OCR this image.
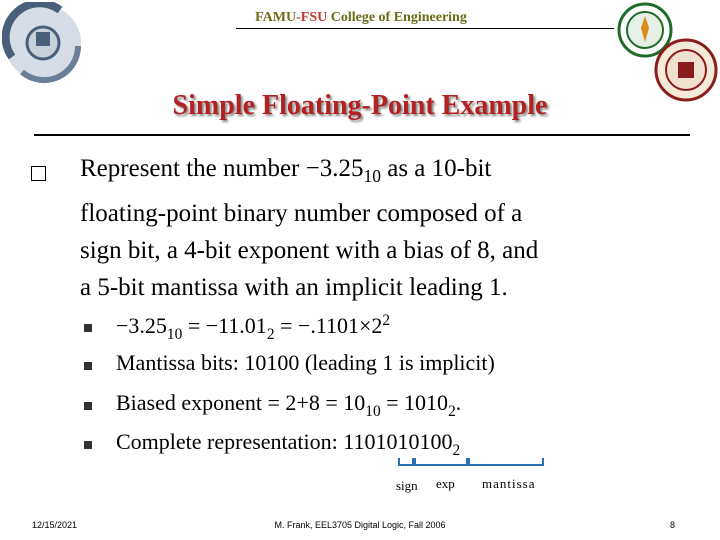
FAMU-FSU College of Engineering
Simple Floating-Point Example
Represent the number $-3.25_{10}$ as a 10-bit
floating-point binary number composed of a
sign bit, a 4-bit exponent with a bias of 8, and
a 5-bit mantissa with an implicit leading 1.
$-3.25_{10} = -11.01_2 = -.1101\times 2^2$
Mantissa bits: 10100 (leading 1 is implicit)
Biased exponent = $2+8 = 10_{10} = 1010_2$.
Complete representation: $1101010100_2$
sign exp mantissa
12/15/2021	M. Frank, EEL3705 Digital Logic, Fall 2006	8
